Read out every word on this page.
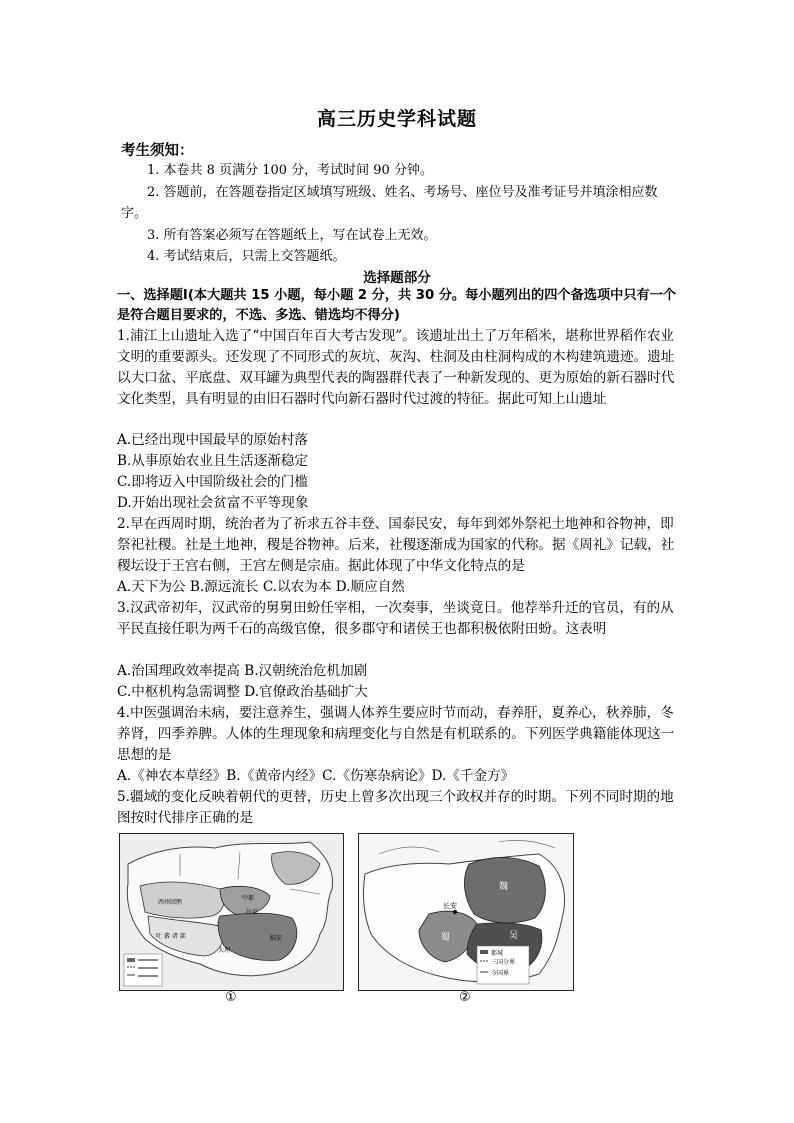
高三历史学科试题
考生须知：
1. 本卷共 8 页满分 100 分，考试时间 90 分钟。
2. 答题前，在答题卷指定区域填写班级、姓名、考场号、座位号及准考证号并填涂相应数字。
3. 所有答案必须写在答题纸上，写在试卷上无效。
4. 考试结束后，只需上交答题纸。
选择题部分
一、选择题Ⅰ(本大题共 15 小题，每小题 2 分，共 30 分。每小题列出的四个备选项中只有一个是符合题目要求的，不选、多选、错选均不得分)
1.浦江上山遗址入选了“中国百年百大考古发现”。该遗址出土了万年稻米，堪称世界稻作农业文明的重要源头。还发现了不同形式的灰坑、灰沟、柱洞及由柱洞构成的木构建筑遗迹。遗址以大口盆、平底盘、双耳罐为典型代表的陶器群代表了一种新发现的、更为原始的新石器时代文化类型，具有明显的由旧石器时代向新石器时代过渡的特征。据此可知上山遗址
A.已经出现中国最早的原始村落
B.从事原始农业且生活逐渐稳定
C.即将迈入中国阶级社会的门槛
D.开始出现社会贫富不平等现象
2.早在西周时期，统治者为了祈求五谷丰登、国泰民安，每年到郊外祭祀土地神和谷物神，即祭祀社稷。社是土地神，稷是谷物神。后来，社稷逐渐成为国家的代称。据《周礼》记载，社稷坛设于王宫右侧，王宫左侧是宗庙。据此体现了中华文化特点的是
A.天下为公 B.源远流长 C.以农为本 D.顺应自然
3.汉武帝初年，汉武帝的舅舅田蚡任宰相，一次奏事，坐谈竟日。他荐举升迁的官员，有的从平民直接任职为两千石的高级官僚，很多郡守和诸侯王也都积极依附田蚡。这表明
A.治国理政效率提高 B.汉朝统治危机加剧
C.中枢机构急需调整 D.官僚政治基础扩大
4.中医强调治未病，要注意养生，强调人体养生要应时节而动，春养肝，夏养心，秋养肺，冬养肾，四季养脾。人体的生理现象和病理变化与自然是有机联系的。下列医学典籍能体现这一思想的是
A.《神农本草经》B.《黄帝内经》C.《伤寒杂病论》D.《千金方》
5.疆域的变化反映着朝代的更替，历史上曾多次出现三个政权并存的时期。下列不同时期的地图按时代排序正确的是
西州回鹘
吐 蕃 诸 部
中都
汴京
临安
大理
①
长安
魏
蜀	吴
都城
三国分界
今国界
②
